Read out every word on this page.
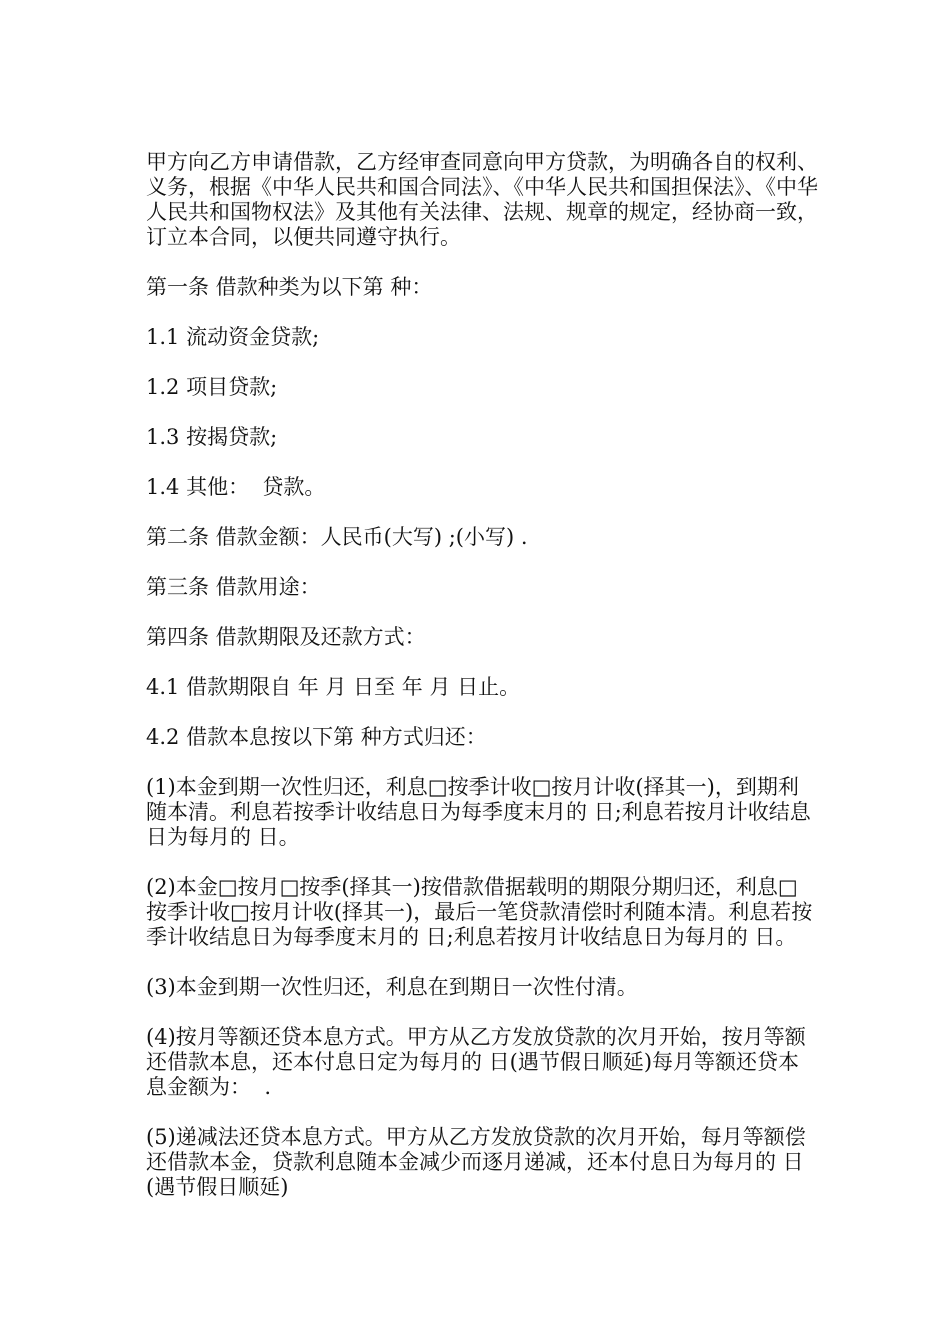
甲方向乙方申请借款，乙方经审查同意向甲方贷款，为明确各自的权利、义务，根据《中华人民共和国合同法》、《中华人民共和国担保法》、《中华人民共和国物权法》及其他有关法律、法规、规章的规定，经协商一致，订立本合同，以便共同遵守执行。

第一条 借款种类为以下第 种：

1.1 流动资金贷款;

1.2 项目贷款;

1.3 按揭贷款;

1.4 其他：  贷款。

第二条 借款金额：人民币(大写) ;(小写) .

第三条 借款用途：

第四条 借款期限及还款方式：

4.1 借款期限自 年 月 日至 年 月 日止。

4.2 借款本息按以下第 种方式归还：

(1)本金到期一次性归还，利息□按季计收□按月计收(择其一)，到期利随本清。利息若按季计收结息日为每季度末月的 日;利息若按月计收结息日为每月的 日。

(2)本金□按月□按季(择其一)按借款借据载明的期限分期归还，利息□按季计收□按月计收(择其一)，最后一笔贷款清偿时利随本清。利息若按季计收结息日为每季度末月的 日;利息若按月计收结息日为每月的 日。

(3)本金到期一次性归还，利息在到期日一次性付清。

(4)按月等额还贷本息方式。甲方从乙方发放贷款的次月开始，按月等额还借款本息，还本付息日定为每月的 日(遇节假日顺延)每月等额还贷本息金额为：  .

(5)递减法还贷本息方式。甲方从乙方发放贷款的次月开始，每月等额偿还借款本金，贷款利息随本金减少而逐月递减，还本付息日为每月的 日(遇节假日顺延)
